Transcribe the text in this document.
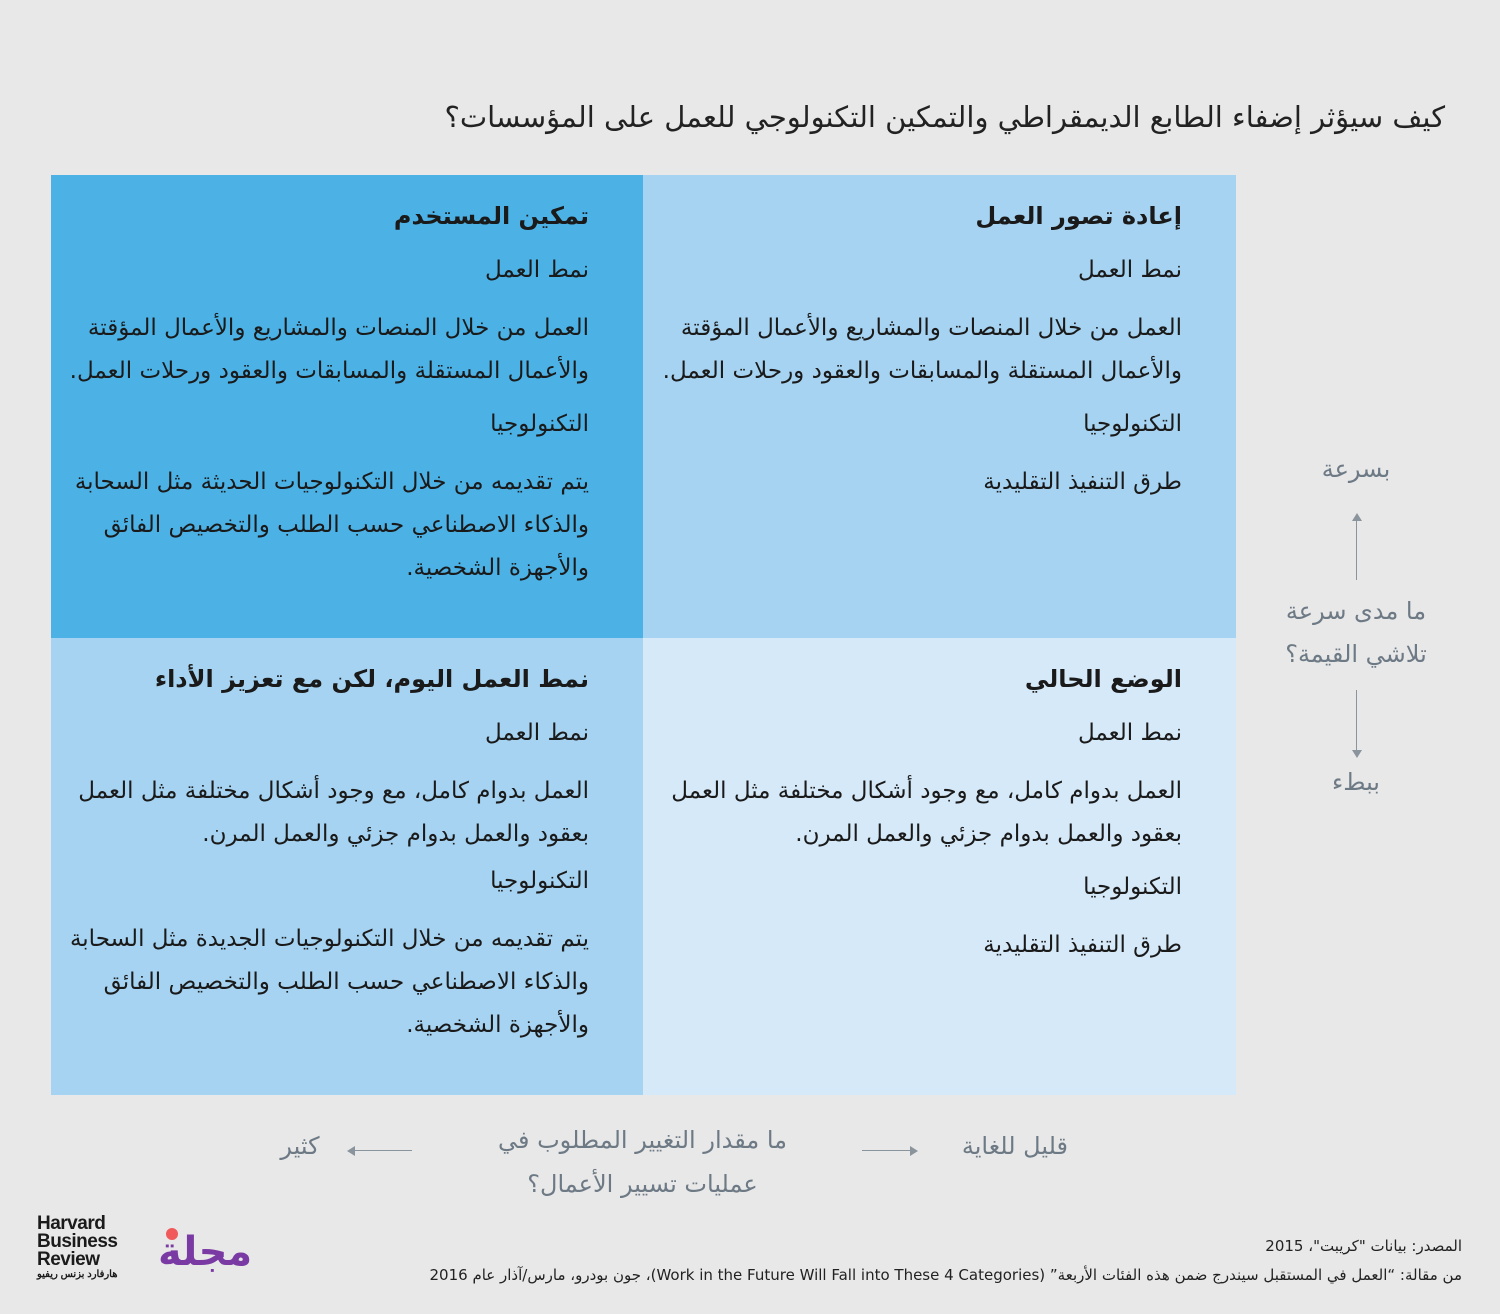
كيف سيؤثر إضفاء الطابع الديمقراطي والتمكين التكنولوجي للعمل على المؤسسات؟
تمكين المستخدم
نمط العمل
العمل من خلال المنصات والمشاريع والأعمال المؤقتة والأعمال المستقلة والمسابقات والعقود ورحلات العمل.
التكنولوجيا
يتم تقديمه من خلال التكنولوجيات الحديثة مثل السحابة والذكاء الاصطناعي حسب الطلب والتخصيص الفائق والأجهزة الشخصية.
إعادة تصور العمل
نمط العمل
العمل من خلال المنصات والمشاريع والأعمال المؤقتة والأعمال المستقلة والمسابقات والعقود ورحلات العمل.
التكنولوجيا
طرق التنفيذ التقليدية
نمط العمل اليوم، لكن مع تعزيز الأداء
نمط العمل
العمل بدوام كامل، مع وجود أشكال مختلفة مثل العمل بعقود والعمل بدوام جزئي والعمل المرن.
التكنولوجيا
يتم تقديمه من خلال التكنولوجيات الجديدة مثل السحابة والذكاء الاصطناعي حسب الطلب والتخصيص الفائق والأجهزة الشخصية.
الوضع الحالي
نمط العمل
العمل بدوام كامل، مع وجود أشكال مختلفة مثل العمل بعقود والعمل بدوام جزئي والعمل المرن.
التكنولوجيا
طرق التنفيذ التقليدية
بسرعة
ما مدى سرعة تلاشي القيمة؟
ببطء
قليل للغاية
ما مقدار التغيير المطلوب في عمليات تسيير الأعمال؟
كثير
المصدر: بيانات "كريبت"، 2015
من مقالة: “العمل في المستقبل سيندرج ضمن هذه الفئات الأربعة” (Work in the Future Will Fall into These 4 Categories)، جون بودرو، مارس/آذار عام 2016
Harvard
Business
Review
هارفارد بزنس ريفيو مجلة
